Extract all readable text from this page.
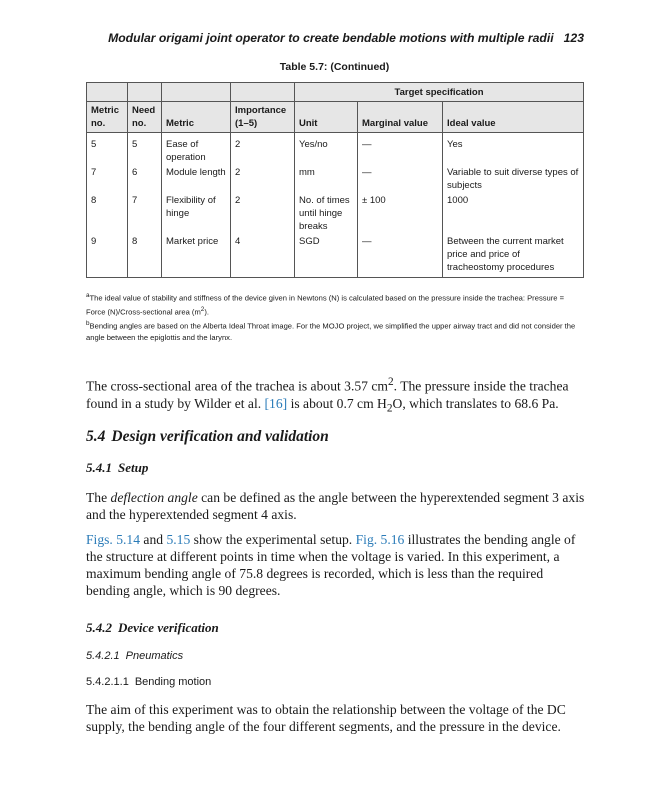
Modular origami joint operator to create bendable motions with multiple radii 123
Table 5.7: (Continued)
				Target specification		
Metric no.	Need no.	Metric	Importance (1–5)	Unit	Marginal value	Ideal value
5	5	Ease of operation	2	Yes/no	—	Yes
7	6	Module length	2	mm	—	Variable to suit diverse types of subjects
8	7	Flexibility of hinge	2	No. of times until hinge breaks	± 100	1000
9	8	Market price	4	SGD	—	Between the current market price and price of tracheostomy procedures

$^a$The ideal value of stability and stiffness of the device given in Newtons (N) is calculated based on the pressure inside the trachea: Pressure = Force (N)/Cross-sectional area $(m^2)$.

$^b$Bending angles are based on the Alberta Ideal Throat image. For the MOJO project, we simplified the upper airway tract and did not consider the angle between the epiglottis and the larynx.

The cross-sectional area of the trachea is about 3.57 $cm^2$. The pressure inside the trachea found in a study by Wilder et al. [16] is about 0.7 cm $H_2O$, which translates to 68.6 Pa.

5.4 Design verification and validation
5.4.1 Setup

The deflection angle can be defined as the angle between the hyperextended segment 3 axis and the hyperextended segment 4 axis.

Figs. 5.14 and 5.15 show the experimental setup. Fig. 5.16 illustrates the bending angle of the structure at different points in time when the voltage is varied. In this experiment, a maximum bending angle of 75.8 degrees is recorded, which is less than the required bending angle, which is 90 degrees.

5.4.2 Device verification
5.4.2.1 Pneumatics
5.4.2.1.1 Bending motion

The aim of this experiment was to obtain the relationship between the voltage of the DC supply, the bending angle of the four different segments, and the pressure in the device.
